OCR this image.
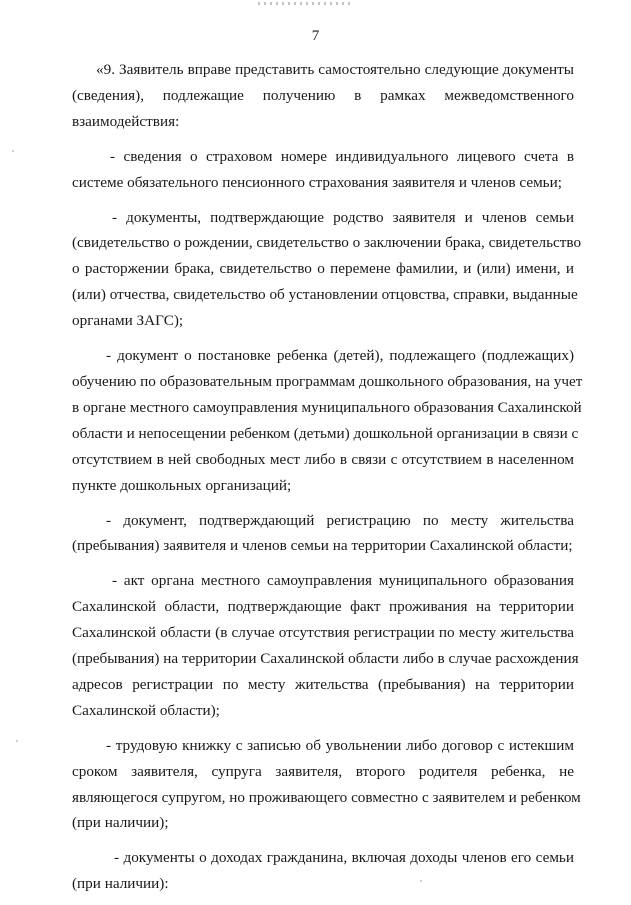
7
«9. Заявитель вправе представить самостоятельно следующие документы
(сведения), подлежащие получению в рамках межведомственного
взаимодействия:
- сведения о страховом номере индивидуального лицевого счета в
системе обязательного пенсионного страхования заявителя и членов семьи;
- документы, подтверждающие родство заявителя и членов семьи
(свидетельство о рождении, свидетельство о заключении брака, свидетельство
о расторжении брака, свидетельство о перемене фамилии, и (или) имени, и
(или) отчества, свидетельство об установлении отцовства, справки, выданные
органами ЗАГС);
- документ о постановке ребенка (детей), подлежащего (подлежащих)
обучению по образовательным программам дошкольного образования, на учет
в органе местного самоуправления муниципального образования Сахалинской
области и непосещении ребенком (детьми) дошкольной организации в связи с
отсутствием в ней свободных мест либо в связи с отсутствием в населенном
пункте дошкольных организаций;
- документ, подтверждающий регистрацию по месту жительства
(пребывания) заявителя и членов семьи на территории Сахалинской области;
- акт органа местного самоуправления муниципального образования
Сахалинской области, подтверждающие факт проживания на территории
Сахалинской области (в случае отсутствия регистрации по месту жительства
(пребывания) на территории Сахалинской области либо в случае расхождения
адресов регистрации по месту жительства (пребывания) на территории
Сахалинской области);
- трудовую книжку с записью об увольнении либо договор с истекшим
сроком заявителя, супруга заявителя, второго родителя ребенка, не
являющегося супругом, но проживающего совместно с заявителем и ребенком
(при наличии);
- документы о доходах гражданина, включая доходы членов его семьи
(при наличии):
